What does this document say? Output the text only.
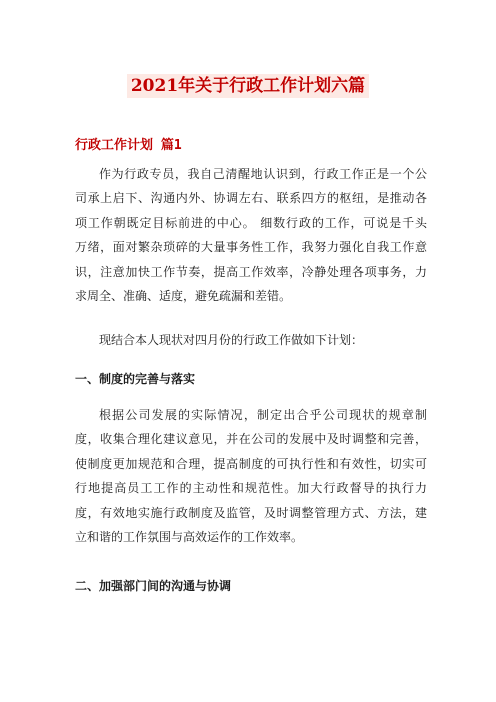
2021年关于行政工作计划六篇
行政工作计划 篇1

作为行政专员，我自己清醒地认识到，行政工作正是一个公
司承上启下、沟通内外、协调左右、联系四方的枢纽，是推动各
项工作朝既定目标前进的中心。 细数行政的工作，可说是千头
万绪，面对繁杂琐碎的大量事务性工作，我努力强化自我工作意
识，注意加快工作节奏，提高工作效率，冷静处理各项事务，力
求周全、准确、适度，避免疏漏和差错。

现结合本人现状对四月份的行政工作做如下计划：

一、制度的完善与落实

根据公司发展的实际情况，制定出合乎公司现状的规章制
度，收集合理化建议意见，并在公司的发展中及时调整和完善，
使制度更加规范和合理，提高制度的可执行性和有效性，切实可
行地提高员工工作的主动性和规范性。加大行政督导的执行力
度，有效地实施行政制度及监管，及时调整管理方式、方法，建
立和谐的工作氛围与高效运作的工作效率。

二、加强部门间的沟通与协调
